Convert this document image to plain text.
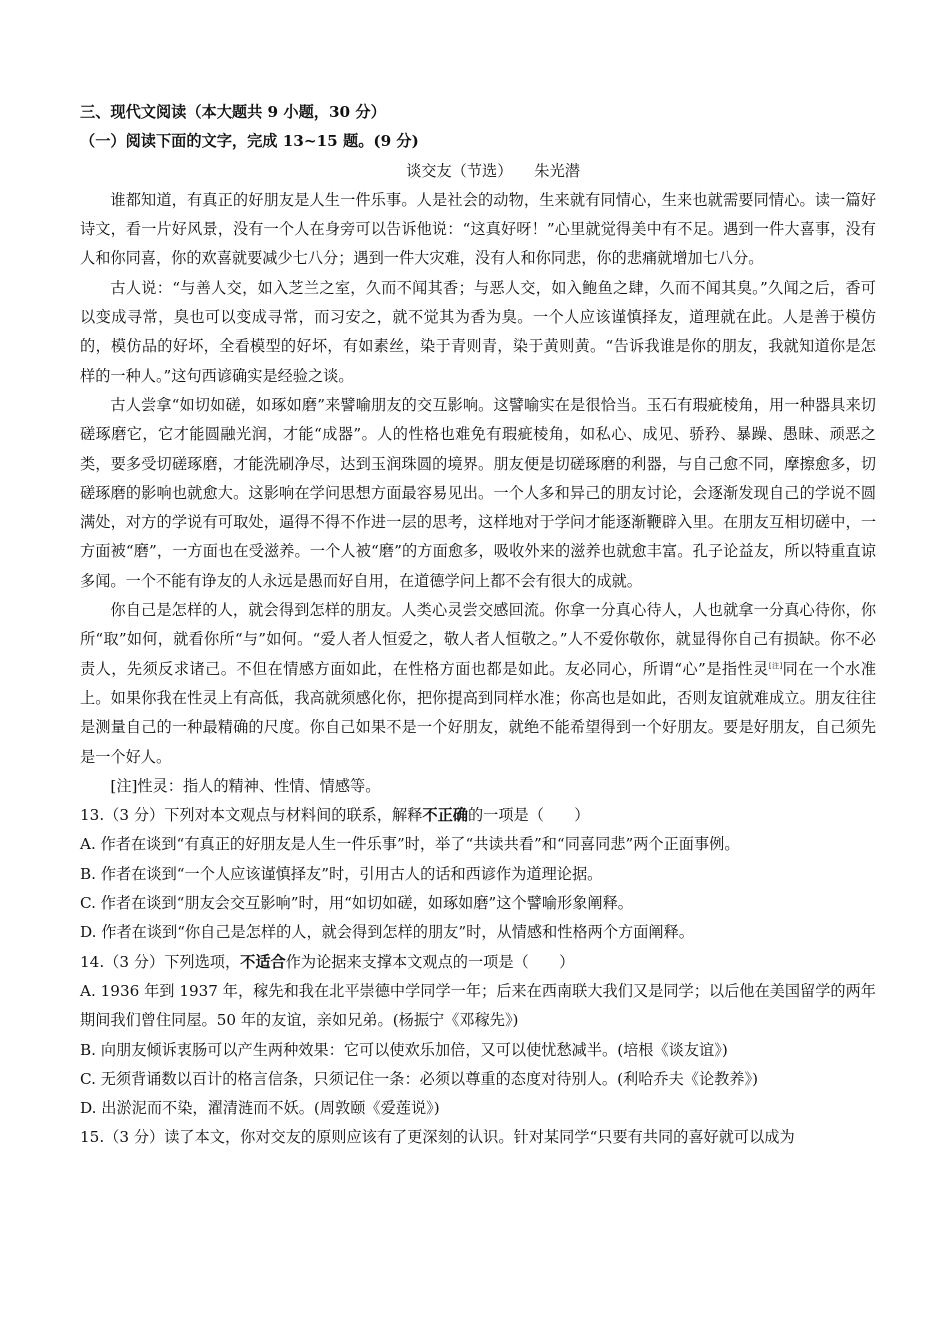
三、现代文阅读（本大题共 9 小题，30 分）

（一）阅读下面的文字，完成 13~15 题。(9 分)

谈交友（节选） 朱光潜

谁都知道，有真正的好朋友是人生一件乐事。人是社会的动物，生来就有同情心，生来也就需要同情心。读一篇好诗文，看一片好风景，没有一个人在身旁可以告诉他说：“这真好呀！”心里就觉得美中有不足。遇到一件大喜事，没有人和你同喜，你的欢喜就要减少七八分；遇到一件大灾难，没有人和你同悲，你的悲痛就增加七八分。

古人说：“与善人交，如入芝兰之室，久而不闻其香；与恶人交，如入鲍鱼之肆，久而不闻其臭。”久闻之后，香可以变成寻常，臭也可以变成寻常，而习安之，就不觉其为香为臭。一个人应该谨慎择友，道理就在此。人是善于模仿的，模仿品的好坏，全看模型的好坏，有如素丝，染于青则青，染于黄则黄。“告诉我谁是你的朋友，我就知道你是怎样的一种人。”这句西谚确实是经验之谈。

古人尝拿“如切如磋，如琢如磨”来譬喻朋友的交互影响。这譬喻实在是很恰当。玉石有瑕疵棱角，用一种器具来切磋琢磨它，它才能圆融光润，才能“成器”。人的性格也难免有瑕疵棱角，如私心、成见、骄矜、暴躁、愚昧、顽恶之类，要多受切磋琢磨，才能洗刷净尽，达到玉润珠圆的境界。朋友便是切磋琢磨的利器，与自己愈不同，摩擦愈多，切磋琢磨的影响也就愈大。这影响在学问思想方面最容易见出。一个人多和异己的朋友讨论，会逐渐发现自己的学说不圆满处，对方的学说有可取处，逼得不得不作进一层的思考，这样地对于学问才能逐渐鞭辟入里。在朋友互相切磋中，一方面被“磨”，一方面也在受滋养。一个人被“磨”的方面愈多，吸收外来的滋养也就愈丰富。孔子论益友，所以特重直谅多闻。一个不能有诤友的人永远是愚而好自用，在道德学问上都不会有很大的成就。

你自己是怎样的人，就会得到怎样的朋友。人类心灵尝交感回流。你拿一分真心待人，人也就拿一分真心待你，你所“取”如何，就看你所“与”如何。“爱人者人恒爱之，敬人者人恒敬之。”人不爱你敬你，就显得你自己有损缺。你不必责人，先须反求诸己。不但在情感方面如此，在性格方面也都是如此。友必同心，所谓“心”是指性灵[注]同在一个水准上。如果你我在性灵上有高低，我高就须感化你，把你提高到同样水准；你高也是如此，否则友谊就难成立。朋友往往是测量自己的一种最精确的尺度。你自己如果不是一个好朋友，就绝不能希望得到一个好朋友。要是好朋友，自己须先是一个好人。

[注]性灵：指人的精神、性情、情感等。

13.（3 分）下列对本文观点与材料间的联系，解释不正确的一项是（　　）

A. 作者在谈到“有真正的好朋友是人生一件乐事”时，举了“共读共看”和“同喜同悲”两个正面事例。

B. 作者在谈到“一个人应该谨慎择友”时，引用古人的话和西谚作为道理论据。

C. 作者在谈到“朋友会交互影响”时，用“如切如磋，如琢如磨”这个譬喻形象阐释。

D. 作者在谈到“你自己是怎样的人，就会得到怎样的朋友”时，从情感和性格两个方面阐释。

14.（3 分）下列选项，不适合作为论据来支撑本文观点的一项是（　　）

A. 1936 年到 1937 年，稼先和我在北平崇德中学同学一年；后来在西南联大我们又是同学；以后他在美国留学的两年期间我们曾住同屋。50 年的友谊，亲如兄弟。(杨振宁《邓稼先》)

B. 向朋友倾诉衷肠可以产生两种效果：它可以使欢乐加倍，又可以使忧愁减半。(培根《谈友谊》)

C. 无须背诵数以百计的格言信条，只须记住一条：必须以尊重的态度对待别人。(利哈乔夫《论教养》)

D. 出淤泥而不染，濯清涟而不妖。(周敦颐《爱莲说》)

15.（3 分）读了本文，你对交友的原则应该有了更深刻的认识。针对某同学“只要有共同的喜好就可以成为
